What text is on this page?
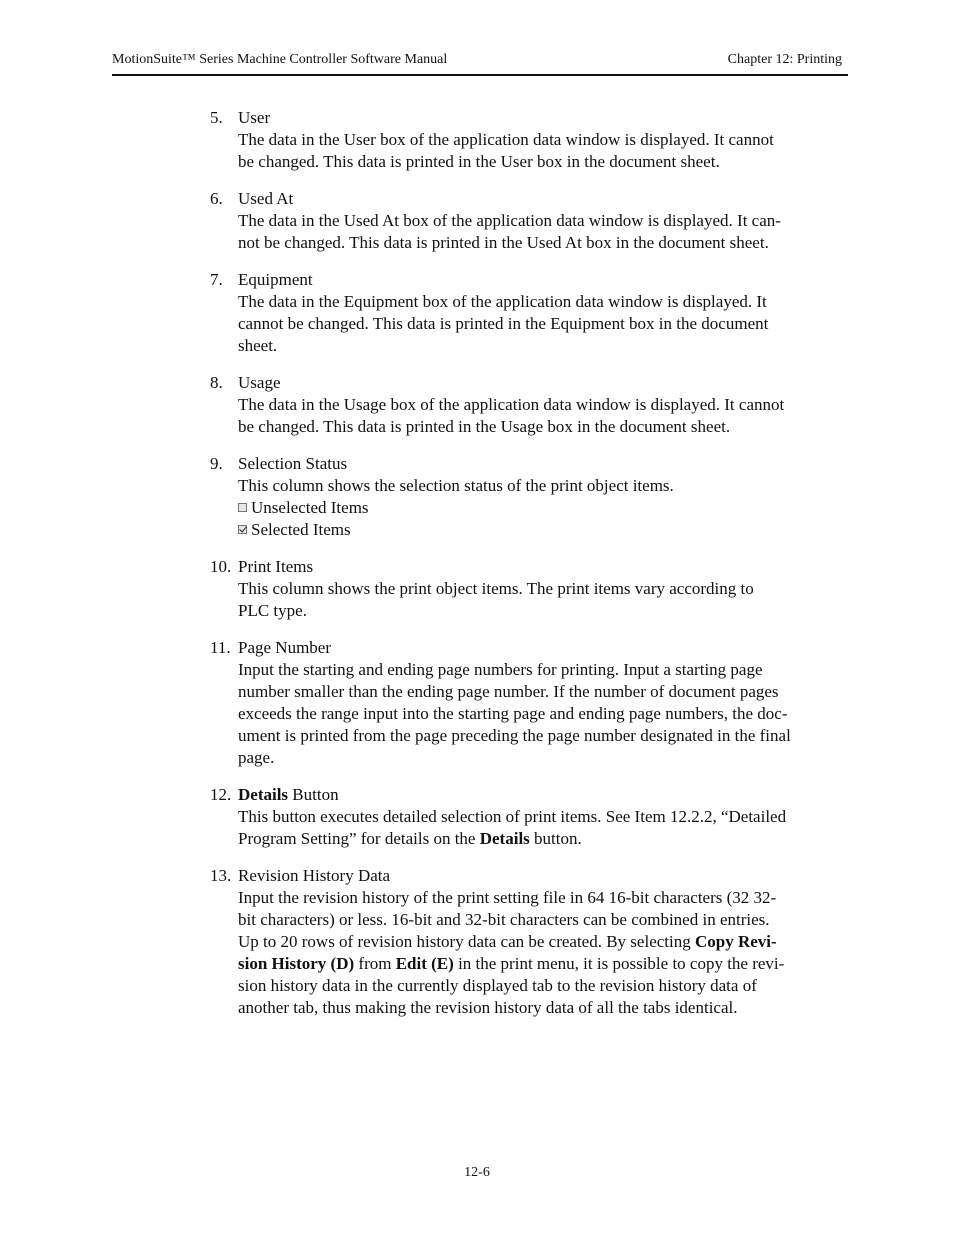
MotionSuite™ Series Machine Controller Software Manual	Chapter 12: Printing
5. User
The data in the User box of the application data window is displayed. It cannot
be changed. This data is printed in the User box in the document sheet.
6. Used At
The data in the Used At box of the application data window is displayed. It can-
not be changed. This data is printed in the Used At box in the document sheet.
7. Equipment
The data in the Equipment box of the application data window is displayed. It
cannot be changed. This data is printed in the Equipment box in the document
sheet.
8. Usage
The data in the Usage box of the application data window is displayed. It cannot
be changed. This data is printed in the Usage box in the document sheet.
9. Selection Status
This column shows the selection status of the print object items.
Unselected Items
Selected Items
10. Print Items
This column shows the print object items. The print items vary according to
PLC type.
11. Page Number
Input the starting and ending page numbers for printing. Input a starting page
number smaller than the ending page number. If the number of document pages
exceeds the range input into the starting page and ending page numbers, the doc-
ument is printed from the page preceding the page number designated in the final
page.
12. Details Button
This button executes detailed selection of print items. See Item 12.2.2, “Detailed
Program Setting” for details on the Details button.
13. Revision History Data
Input the revision history of the print setting file in 64 16-bit characters (32 32-
bit characters) or less. 16-bit and 32-bit characters can be combined in entries.
Up to 20 rows of revision history data can be created. By selecting Copy Revi-
sion History (D) from Edit (E) in the print menu, it is possible to copy the revi-
sion history data in the currently displayed tab to the revision history data of
another tab, thus making the revision history data of all the tabs identical.
12-6
